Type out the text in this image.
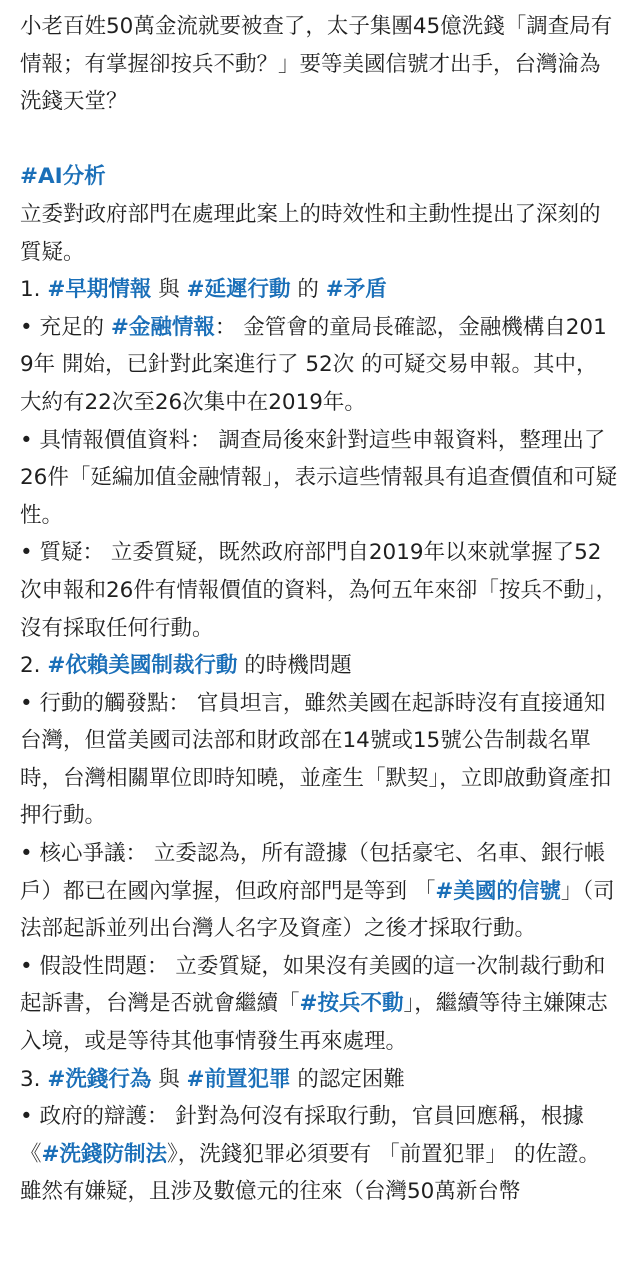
小老百姓50萬金流就要被查了，太子集團45億洗錢「調查局有情報；有掌握卻按兵不動？」要等美國信號才出手，台灣淪為洗錢天堂？

#AI分析

立委對政府部門在處理此案上的時效性和主動性提出了深刻的質疑。

1. #早期情報 與 #延遲行動 的 #矛盾

• 充足的 #金融情報： 金管會的童局長確認，金融機構自2019年 開始，已針對此案進行了 52次 的可疑交易申報。其中，大約有22次至26次集中在2019年。

• 具情報價值資料： 調查局後來針對這些申報資料，整理出了 26件「延編加值金融情報」，表示這些情報具有追查價值和可疑性。

• 質疑： 立委質疑，既然政府部門自2019年以來就掌握了52次申報和26件有情報價值的資料，為何五年來卻「按兵不動」，沒有採取任何行動。

2. #依賴美國制裁行動 的時機問題

• 行動的觸發點： 官員坦言，雖然美國在起訴時沒有直接通知台灣，但當美國司法部和財政部在14號或15號公告制裁名單時，台灣相關單位即時知曉，並產生「默契」，立即啟動資產扣押行動。

• 核心爭議： 立委認為，所有證據（包括豪宅、名車、銀行帳戶）都已在國內掌握，但政府部門是等到 「#美國的信號」（司法部起訴並列出台灣人名字及資產）之後才採取行動。

• 假設性問題： 立委質疑，如果沒有美國的這一次制裁行動和起訴書，台灣是否就會繼續「#按兵不動」，繼續等待主嫌陳志入境，或是等待其他事情發生再來處理。

3. #洗錢行為 與 #前置犯罪 的認定困難

• 政府的辯護： 針對為何沒有採取行動，官員回應稱，根據《#洗錢防制法》，洗錢犯罪必須要有 「前置犯罪」 的佐證。雖然有嫌疑，且涉及數億元的往來（台灣50萬新台幣
